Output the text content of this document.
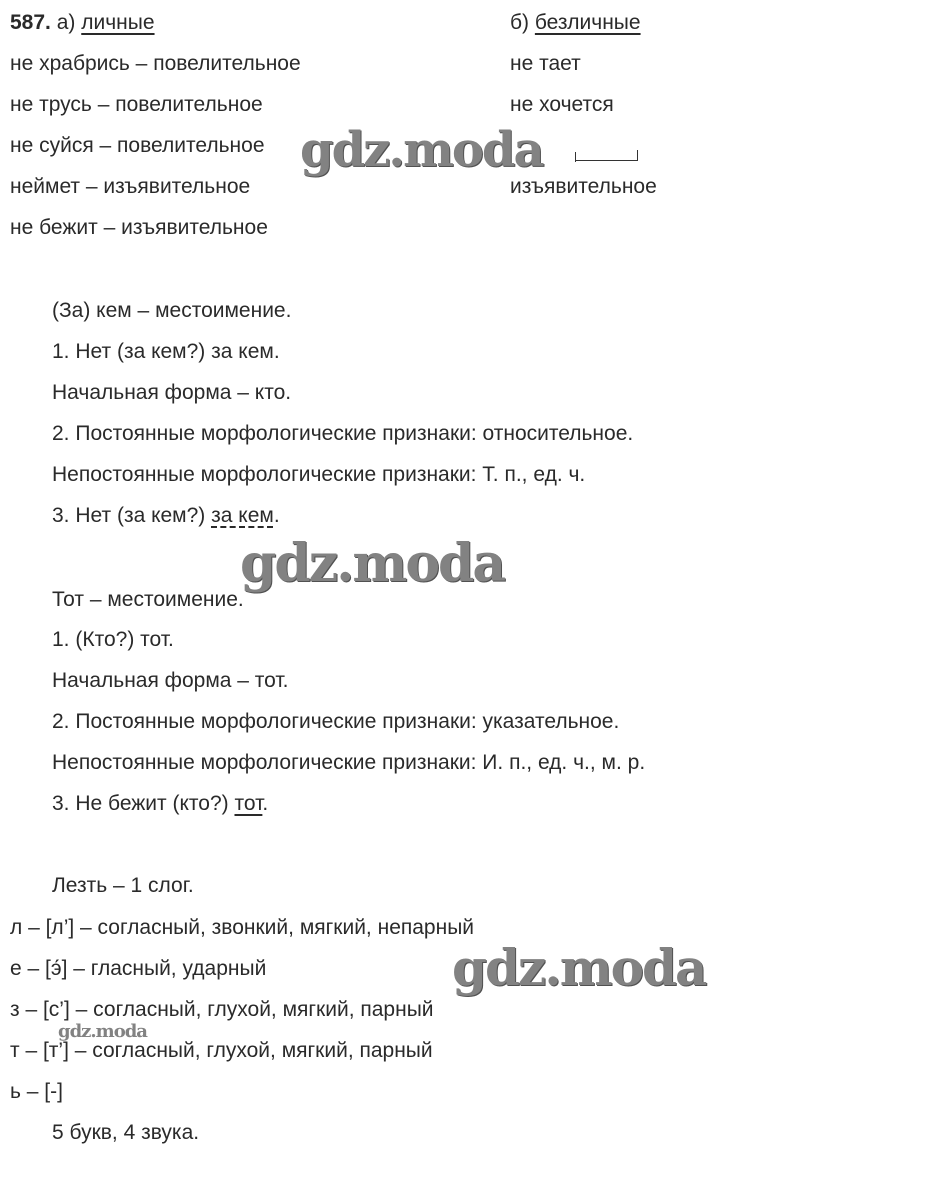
587. а) личные	б) безличные
не храбрись – повелительное
не трусь – повелительное
не суйся – повелительное
неймет – изъявительное
не бежит – изъявительное
не тает
не хочется
изъявительное
(За) кем – местоимение.
1. Нет (за кем?) за кем.
Начальная форма – кто.
2. Постоянные морфологические признаки: относительное.
Непостоянные морфологические признаки: Т. п., ед. ч.
3. Нет (за кем?) за кем.
Тот – местоимение.
1. (Кто?) тот.
Начальная форма – тот.
2. Постоянные морфологические признаки: указательное.
Непостоянные морфологические признаки: И. п., ед. ч., м. р.
3. Не бежит (кто?) тот.
Лезть – 1 слог.
л – [л’] – согласный, звонкий, мягкий, непарный
е – [э́] – гласный, ударный
з – [с’] – согласный, глухой, мягкий, парный
т – [т’] – согласный, глухой, мягкий, парный
ь – [-]
5 букв, 4 звука.
gdz.moda
gdz.moda
gdz.moda
gdz.moda
